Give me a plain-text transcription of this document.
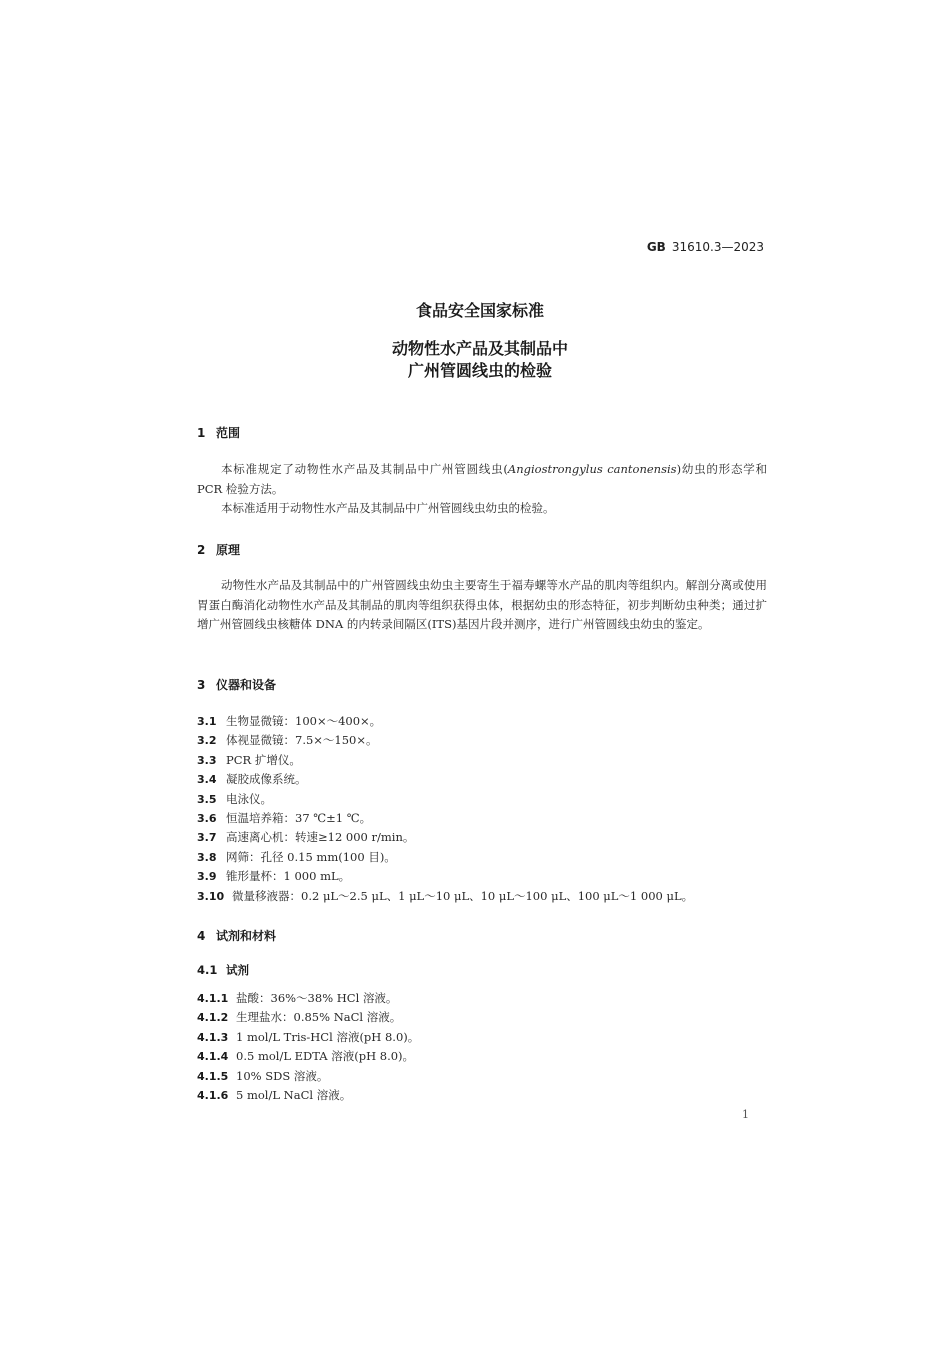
GB 31610.3—2023
食品安全国家标准
动物性水产品及其制品中
广州管圆线虫的检验
1 范围
本标准规定了动物性水产品及其制品中广州管圆线虫(Angiostrongylus cantonensis)幼虫的形态学和 PCR 检验方法。
本标准适用于动物性水产品及其制品中广州管圆线虫幼虫的检验。
2 原理
动物性水产品及其制品中的广州管圆线虫幼虫主要寄生于福寿螺等水产品的肌肉等组织内。解剖分离或使用胃蛋白酶消化动物性水产品及其制品的肌肉等组织获得虫体，根据幼虫的形态特征，初步判断幼虫种类；通过扩增广州管圆线虫核糖体 DNA 的内转录间隔区(ITS)基因片段并测序，进行广州管圆线虫幼虫的鉴定。
3 仪器和设备
3.1 生物显微镜：100×～400×。
3.2 体视显微镜：7.5×～150×。
3.3 PCR 扩增仪。
3.4 凝胶成像系统。
3.5 电泳仪。
3.6 恒温培养箱：37 ℃±1 ℃。
3.7 高速离心机：转速≥12 000 r/min。
3.8 网筛：孔径 0.15 mm(100 目)。
3.9 锥形量杯：1 000 mL。
3.10 微量移液器：0.2 μL～2.5 μL、1 μL～10 μL、10 μL～100 μL、100 μL～1 000 μL。
4 试剂和材料
4.1 试剂
4.1.1 盐酸：36%～38% HCl 溶液。
4.1.2 生理盐水：0.85% NaCl 溶液。
4.1.3 1 mol/L Tris-HCl 溶液(pH 8.0)。
4.1.4 0.5 mol/L EDTA 溶液(pH 8.0)。
4.1.5 10% SDS 溶液。
4.1.6 5 mol/L NaCl 溶液。
1
